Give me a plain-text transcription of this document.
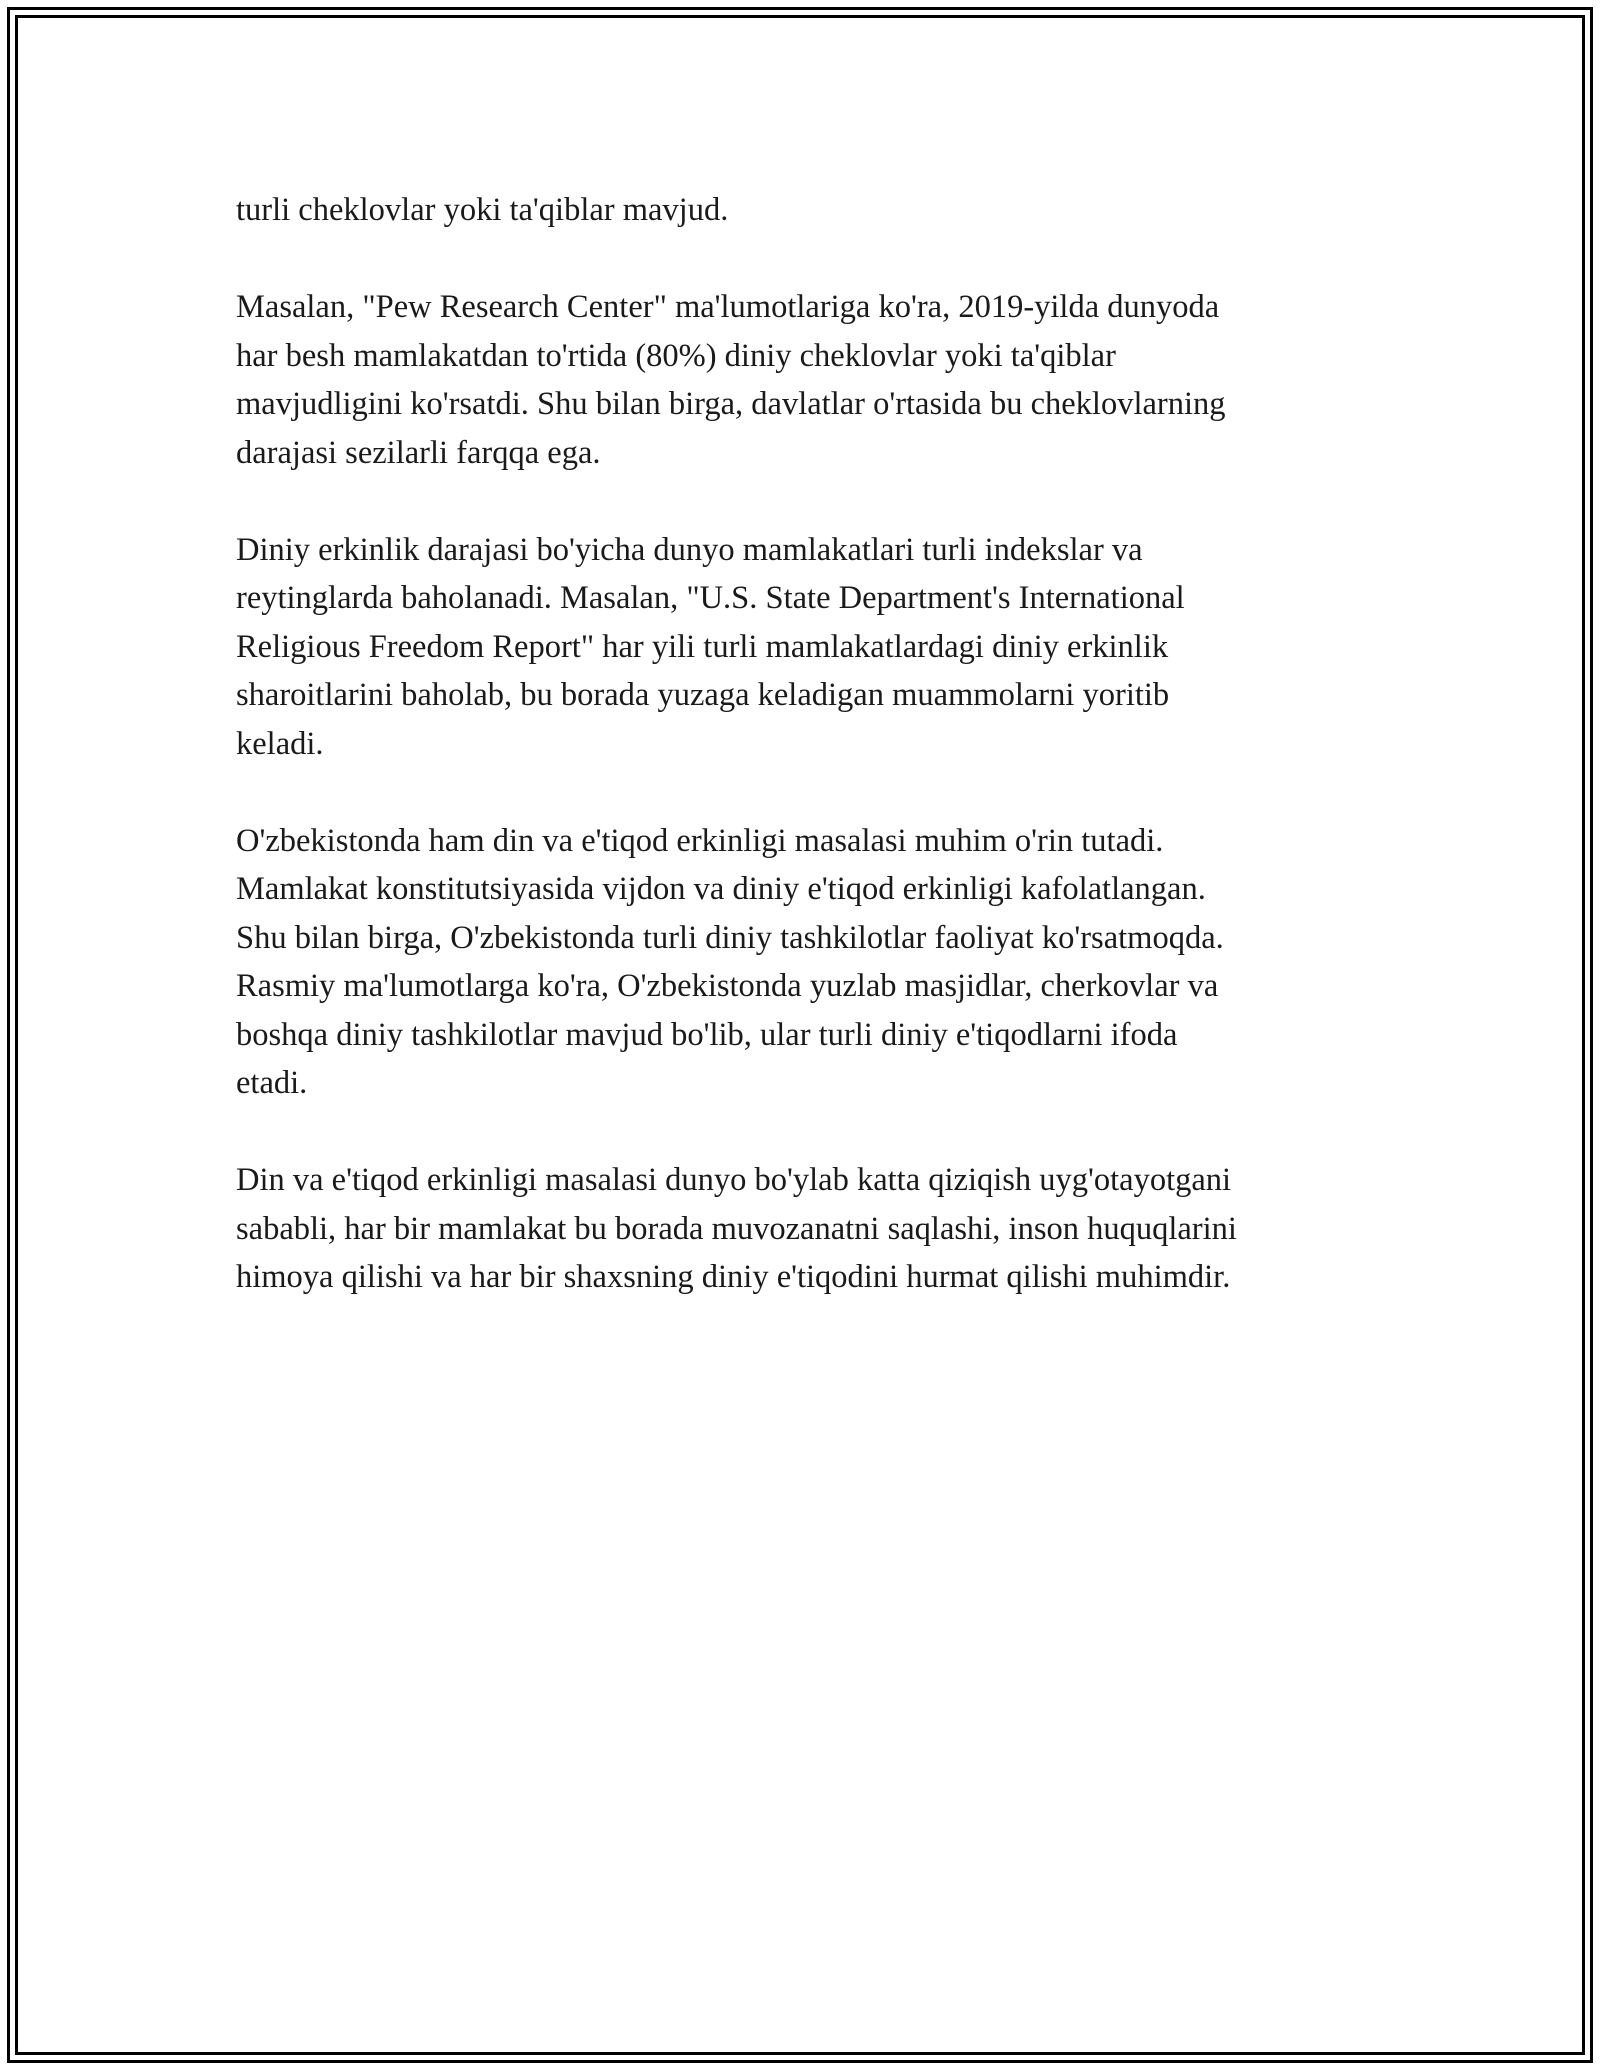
turli cheklovlar yoki ta'qiblar mavjud.

Masalan, "Pew Research Center" ma'lumotlariga ko'ra, 2019-yilda dunyoda
har besh mamlakatdan to'rtida (80%) diniy cheklovlar yoki ta'qiblar
mavjudligini ko'rsatdi. Shu bilan birga, davlatlar o'rtasida bu cheklovlarning
darajasi sezilarli farqqa ega.

Diniy erkinlik darajasi bo'yicha dunyo mamlakatlari turli indekslar va
reytinglarda baholanadi. Masalan, "U.S. State Department's International
Religious Freedom Report" har yili turli mamlakatlardagi diniy erkinlik
sharoitlarini baholab, bu borada yuzaga keladigan muammolarni yoritib
keladi.

O'zbekistonda ham din va e'tiqod erkinligi masalasi muhim o'rin tutadi.
Mamlakat konstitutsiyasida vijdon va diniy e'tiqod erkinligi kafolatlangan.
Shu bilan birga, O'zbekistonda turli diniy tashkilotlar faoliyat ko'rsatmoqda.
Rasmiy ma'lumotlarga ko'ra, O'zbekistonda yuzlab masjidlar, cherkovlar va
boshqa diniy tashkilotlar mavjud bo'lib, ular turli diniy e'tiqodlarni ifoda
etadi.

Din va e'tiqod erkinligi masalasi dunyo bo'ylab katta qiziqish uyg'otayotgani
sababli, har bir mamlakat bu borada muvozanatni saqlashi, inson huquqlarini
himoya qilishi va har bir shaxsning diniy e'tiqodini hurmat qilishi muhimdir.
